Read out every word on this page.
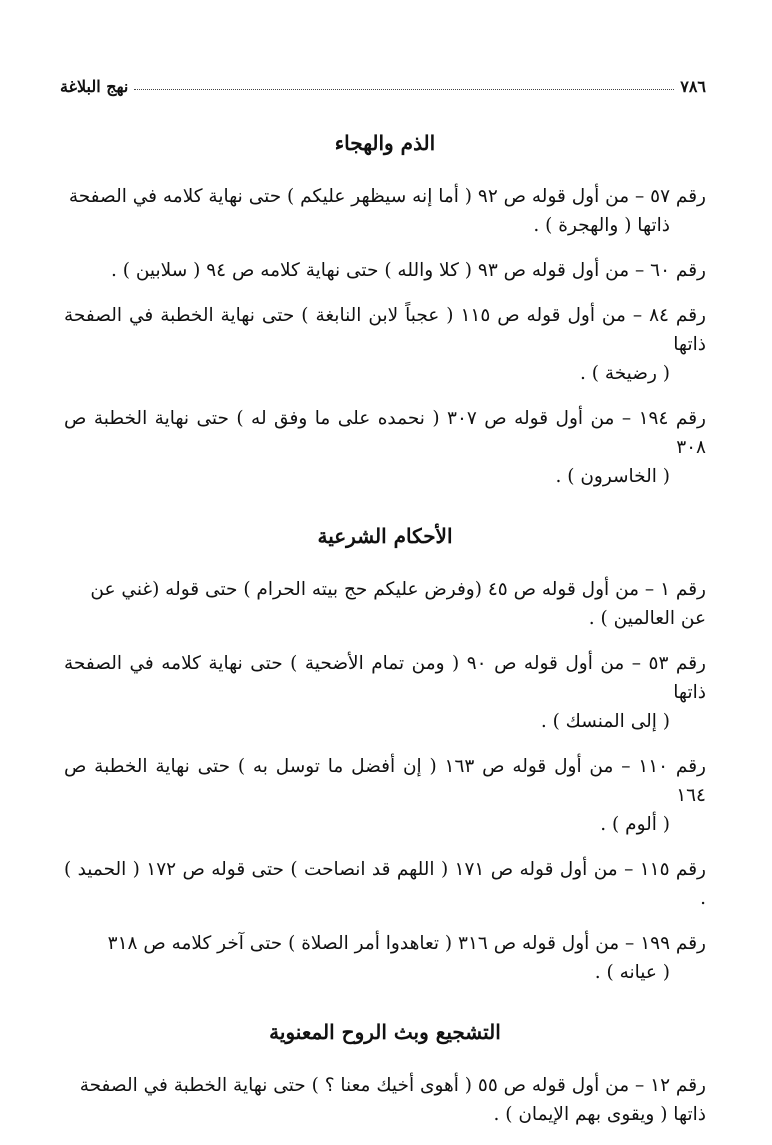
نهج البلاغة	٧٨٦
الذم والهجاء
رقم ٥٧ – من أول قوله ص ٩٢ ( أما إنه سيظهر عليكم ) حتى نهاية كلامه في الصفحة
ذاتها ( والهجرة ) .
رقم ٦٠ – من أول قوله ص ٩٣ ( كلا والله ) حتى نهاية كلامه ص ٩٤ ( سلابين ) .
رقم ٨٤ – من أول قوله ص ١١٥ ( عجباً لابن النابغة ) حتى نهاية الخطبة في الصفحة ذاتها
( رضيخة ) .
رقم ١٩٤ – من أول قوله ص ٣٠٧ ( نحمده على ما وفق له ) حتى نهاية الخطبة ص ٣٠٨
( الخاسرون ) .
الأحكام الشرعية
رقم ١ – من أول قوله ص ٤٥ (وفرض عليكم حج بيته الحرام ) حتى قوله (غني عن
عن العالمين ) .
رقم ٥٣ – من أول قوله ص ٩٠ ( ومن تمام الأضحية ) حتى نهاية كلامه في الصفحة ذاتها
( إلى المنسك ) .
رقم ١١٠ – من أول قوله ص ١٦٣ ( إن أفضل ما توسل به ) حتى نهاية الخطبة ص ١٦٤
( ألوم ) .
رقم ١١٥ – من أول قوله ص ١٧١ ( اللهم قد انصاحت ) حتى قوله ص ١٧٢ ( الحميد ) .
رقم ١٩٩ – من أول قوله ص ٣١٦ ( تعاهدوا أمر الصلاة ) حتى آخر كلامه ص ٣١٨
( عيانه ) .
التشجيع وبث الروح المعنوية
رقم ١٢ – من أول قوله ص ٥٥ ( أهوى أخيك معنا ؟ ) حتى نهاية الخطبة في الصفحة
ذاتها ( ويقوى بهم الإيمان ) .
